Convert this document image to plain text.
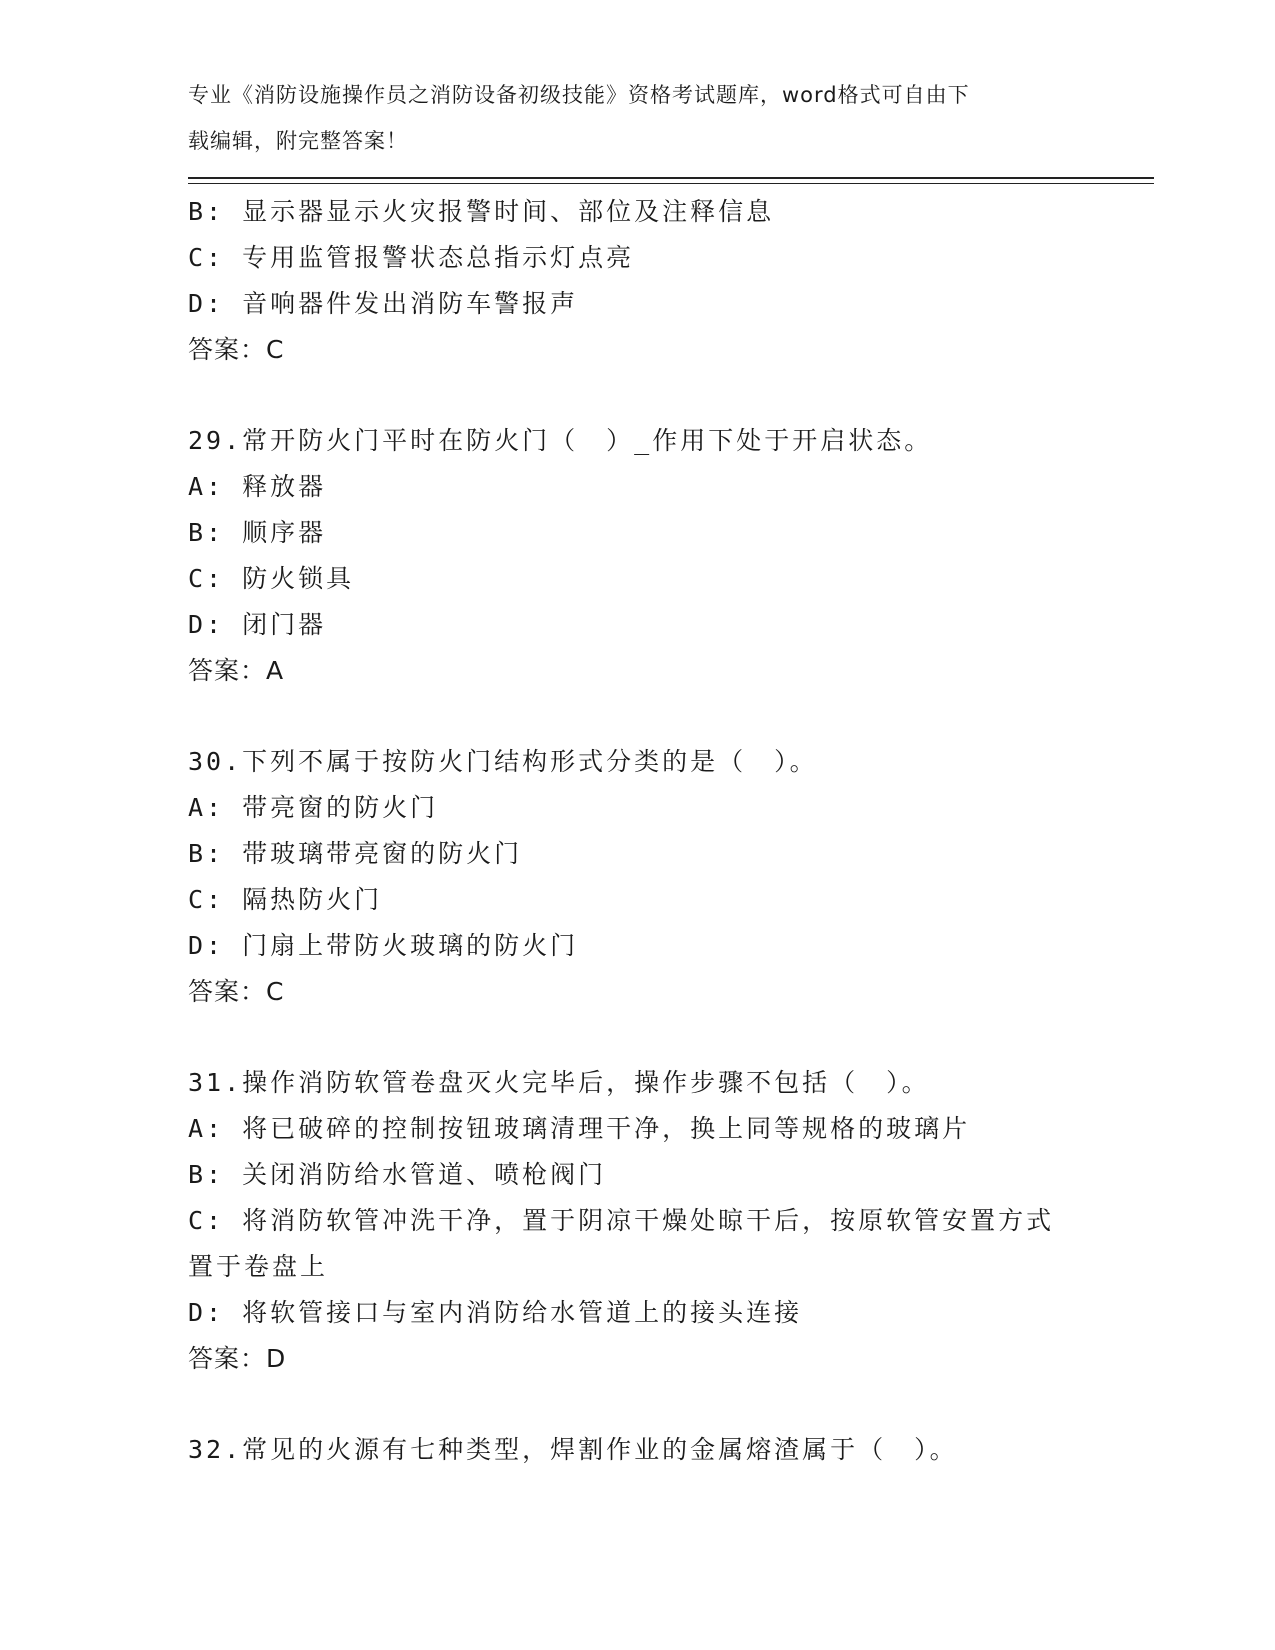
专业《消防设施操作员之消防设备初级技能》资格考试题库，word格式可自由下
载编辑，附完整答案！
B: 显示器显示火灾报警时间、部位及注释信息
C: 专用监管报警状态总指示灯点亮
D: 音响器件发出消防车警报声
答案：C
29.常开防火门平时在防火门（　）_作用下处于开启状态。
A: 释放器
B: 顺序器
C: 防火锁具
D: 闭门器
答案：A
30.下列不属于按防火门结构形式分类的是（　）。
A: 带亮窗的防火门
B: 带玻璃带亮窗的防火门
C: 隔热防火门
D: 门扇上带防火玻璃的防火门
答案：C
31.操作消防软管卷盘灭火完毕后，操作步骤不包括（　）。
A: 将已破碎的控制按钮玻璃清理干净，换上同等规格的玻璃片
B: 关闭消防给水管道、喷枪阀门
C: 将消防软管冲洗干净，置于阴凉干燥处晾干后，按原软管安置方式
置于卷盘上
D: 将软管接口与室内消防给水管道上的接头连接
答案：D
32.常见的火源有七种类型，焊割作业的金属熔渣属于（　）。
